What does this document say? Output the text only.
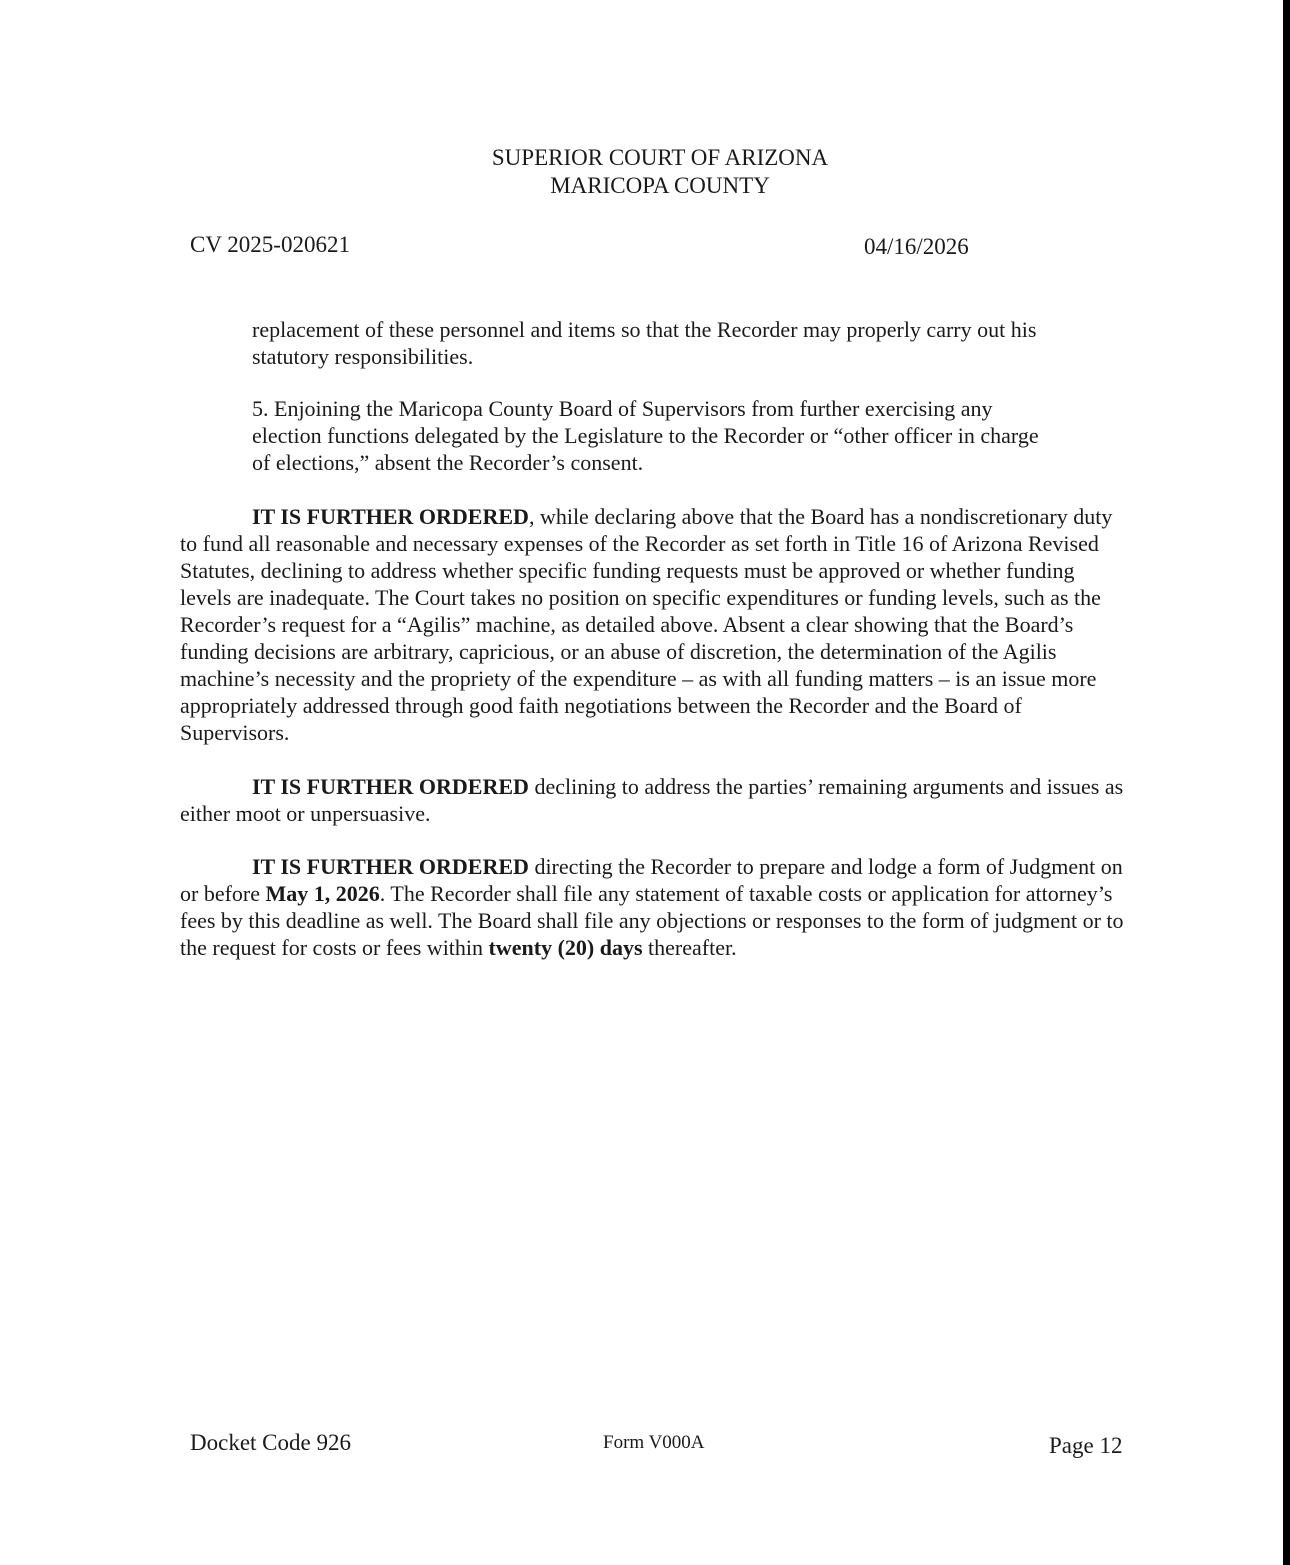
SUPERIOR COURT OF ARIZONA
MARICOPA COUNTY
CV 2025-020621	04/16/2026
replacement of these personnel and items so that the Recorder may properly carry out his statutory responsibilities.
5. Enjoining the Maricopa County Board of Supervisors from further exercising any election functions delegated by the Legislature to the Recorder or “other officer in charge of elections,” absent the Recorder’s consent.
IT IS FURTHER ORDERED, while declaring above that the Board has a nondiscretionary duty to fund all reasonable and necessary expenses of the Recorder as set forth in Title 16 of Arizona Revised Statutes, declining to address whether specific funding requests must be approved or whether funding levels are inadequate. The Court takes no position on specific expenditures or funding levels, such as the Recorder’s request for a “Agilis” machine, as detailed above. Absent a clear showing that the Board’s funding decisions are arbitrary, capricious, or an abuse of discretion, the determination of the Agilis machine’s necessity and the propriety of the expenditure – as with all funding matters – is an issue more appropriately addressed through good faith negotiations between the Recorder and the Board of Supervisors.
IT IS FURTHER ORDERED declining to address the parties’ remaining arguments and issues as either moot or unpersuasive.
IT IS FURTHER ORDERED directing the Recorder to prepare and lodge a form of Judgment on or before May 1, 2026. The Recorder shall file any statement of taxable costs or application for attorney’s fees by this deadline as well. The Board shall file any objections or responses to the form of judgment or to the request for costs or fees within twenty (20) days thereafter.
Docket Code 926	Form V000A	Page 12
